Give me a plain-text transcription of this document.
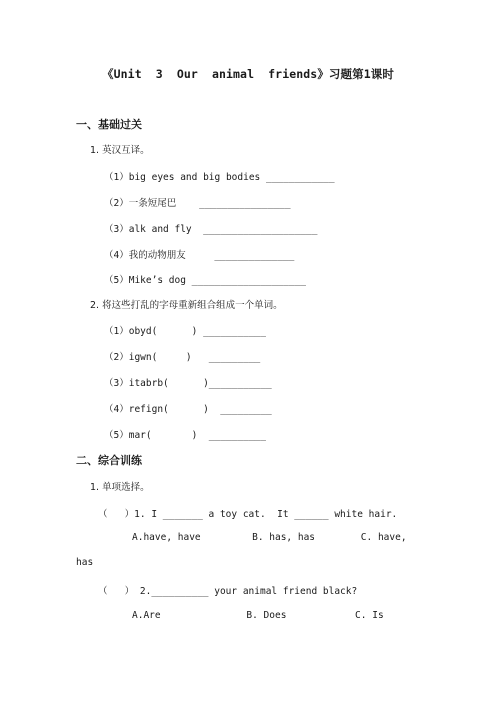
《Unit  3  Our  animal  friends》习题第1课时
一、基础过关
1. 英汉互译。
（1）big eyes and big bodies ____________
（2）一条短尾巴    ________________
（3）alk and fly  ____________________
（4）我的动物朋友     ______________
（5）Mike’s dog ____________________
2. 将这些打乱的字母重新组合组成一个单词。
（1）obyd(      ) ___________
（2）igwn(     )   _________
（3）itabrb(      )___________
（4）refign(      )  _________
（5）mar(       )  __________
二、综合训练
1. 单项选择。
（   ）1. I _______ a toy cat.  It ______ white hair.
A.have, have         B. has, has        C. have,
has
（   ） 2.__________ your animal friend black?
A.Are               B. Does            C. Is
